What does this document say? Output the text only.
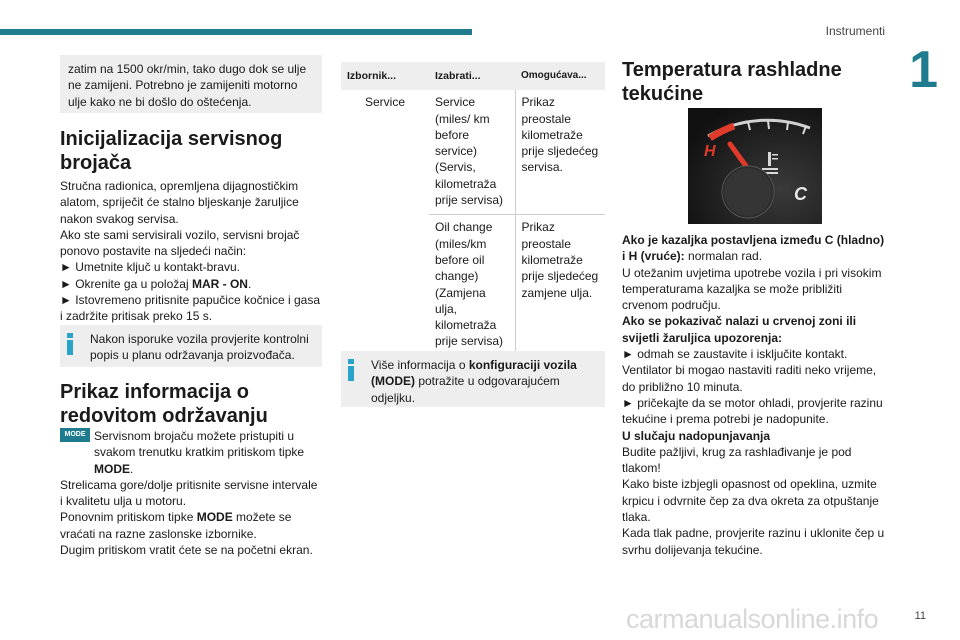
Instrumenti
1
zatim na 1500 okr/min, tako dugo dok se ulje ne zamijeni. Potrebno je zamijeniti motorno ulje kako ne bi došlo do oštećenja.
Inicijalizacija servisnog brojača
Stručna radionica, opremljena dijagnostičkim alatom, spriječit će stalno bljeskanje žaruljice nakon svakog servisa.
Ako ste sami servisirali vozilo, servisni brojač ponovo postavite na sljedeći način:
► Umetnite ključ u kontakt-bravu.
► Okrenite ga u položaj MAR - ON.
► Istovremeno pritisnite papučice kočnice i gasa i zadržite pritisak preko 15 s.
Nakon isporuke vozila provjerite kontrolni popis u planu održavanja proizvođača.
Prikaz informacija o redovitom održavanju
MODE Servisnom brojaču možete pristupiti u svakom trenutku kratkim pritiskom tipke MODE.
Strelicama gore/dolje pritisnite servisne intervale i kvalitetu ulja u motoru.
Ponovnim pritiskom tipke MODE možete se vraćati na razne zaslonske izbornike.
Dugim pritiskom vratit ćete se na početni ekran.
Izbornik...	Izabrati...	Omogućava...
Service	Service (miles/ km before service) (Servis, kilometraža prije servisa)	Prikaz preostale kilometraže prije sljedećeg servisa.
	Oil change (miles/km before oil change) (Zamjena ulja, kilometraža prije servisa)	Prikaz preostale kilometraže prije sljedećeg zamjene ulja.
Više informacija o konfiguraciji vozila (MODE) potražite u odgovarajućem odjeljku.
Temperatura rashladne tekućine
H
C
Ako je kazaljka postavljena između C (hladno) i H (vruće): normalan rad.
U otežanim uvjetima upotrebe vozila i pri visokim temperaturama kazaljka se može približiti crvenom području.
Ako se pokazivač nalazi u crvenoj zoni ili svijetli žaruljica upozorenja:
► odmah se zaustavite i isključite kontakt.
Ventilator bi mogao nastaviti raditi neko vrijeme, do približno 10 minuta.
► pričekajte da se motor ohladi, provjerite razinu tekućine i prema potrebi je nadopunite.
U slučaju nadopunjavanja
Budite pažljivi, krug za rashlađivanje je pod tlakom!
Kako biste izbjegli opasnost od opeklina, uzmite krpicu i odvrnite čep za dva okreta za otpuštanje tlaka.
Kada tlak padne, provjerite razinu i uklonite čep u svrhu dolijevanja tekućine.
11
carmanualsonline.info
